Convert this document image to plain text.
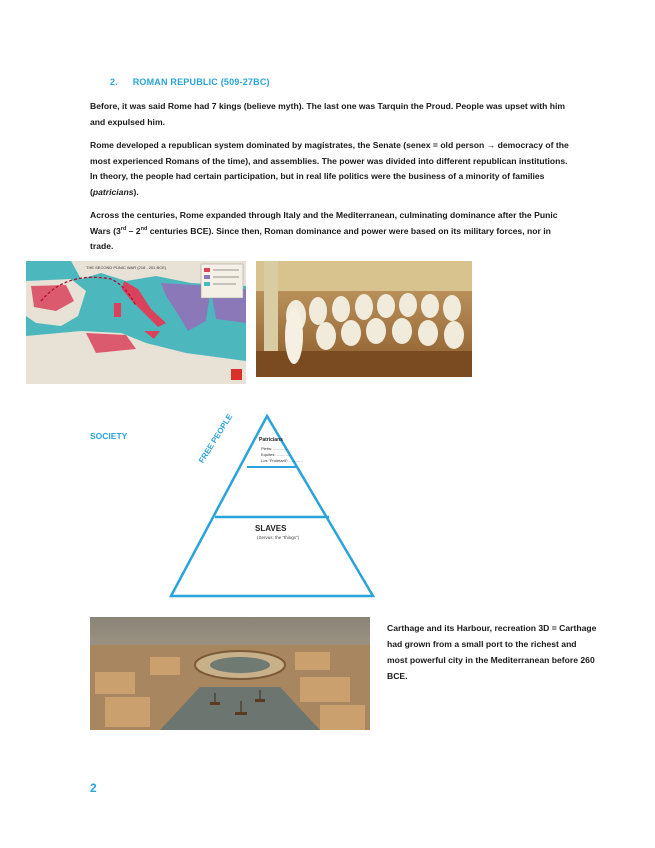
2. ROMAN REPUBLIC (509-27BC)
Before, it was said Rome had 7 kings (believe myth). The last one was Tarquin the Proud. People was upset with him and expulsed him.
Rome developed a republican system dominated by magistrates, the Senate (senex = old person → democracy of the most experienced Romans of the time), and assemblies. The power was divided into different republican institutions. In theory, the people had certain participation, but in real life politics were the business of a minority of families (patricians).
Across the centuries, Rome expanded through Italy and the Mediterranean, culminating dominance after the Punic Wars (3rd – 2nd centuries BCE). Since then, Roman dominance and power were based on its military forces, nor in trade.
THE SECOND PUNIC WAR (218 - 201 BCE)
SOCIETY	FREE PEOPLE	Patricians
Plebs: ............
Equites: ............
Los “Proletarii”: ............
SLAVES
(Servus: the “things”)
Carthage and its Harbour, recreation 3D = Carthage had grown from a small port to the richest and most powerful city in the Mediterranean before 260 BCE.
2
